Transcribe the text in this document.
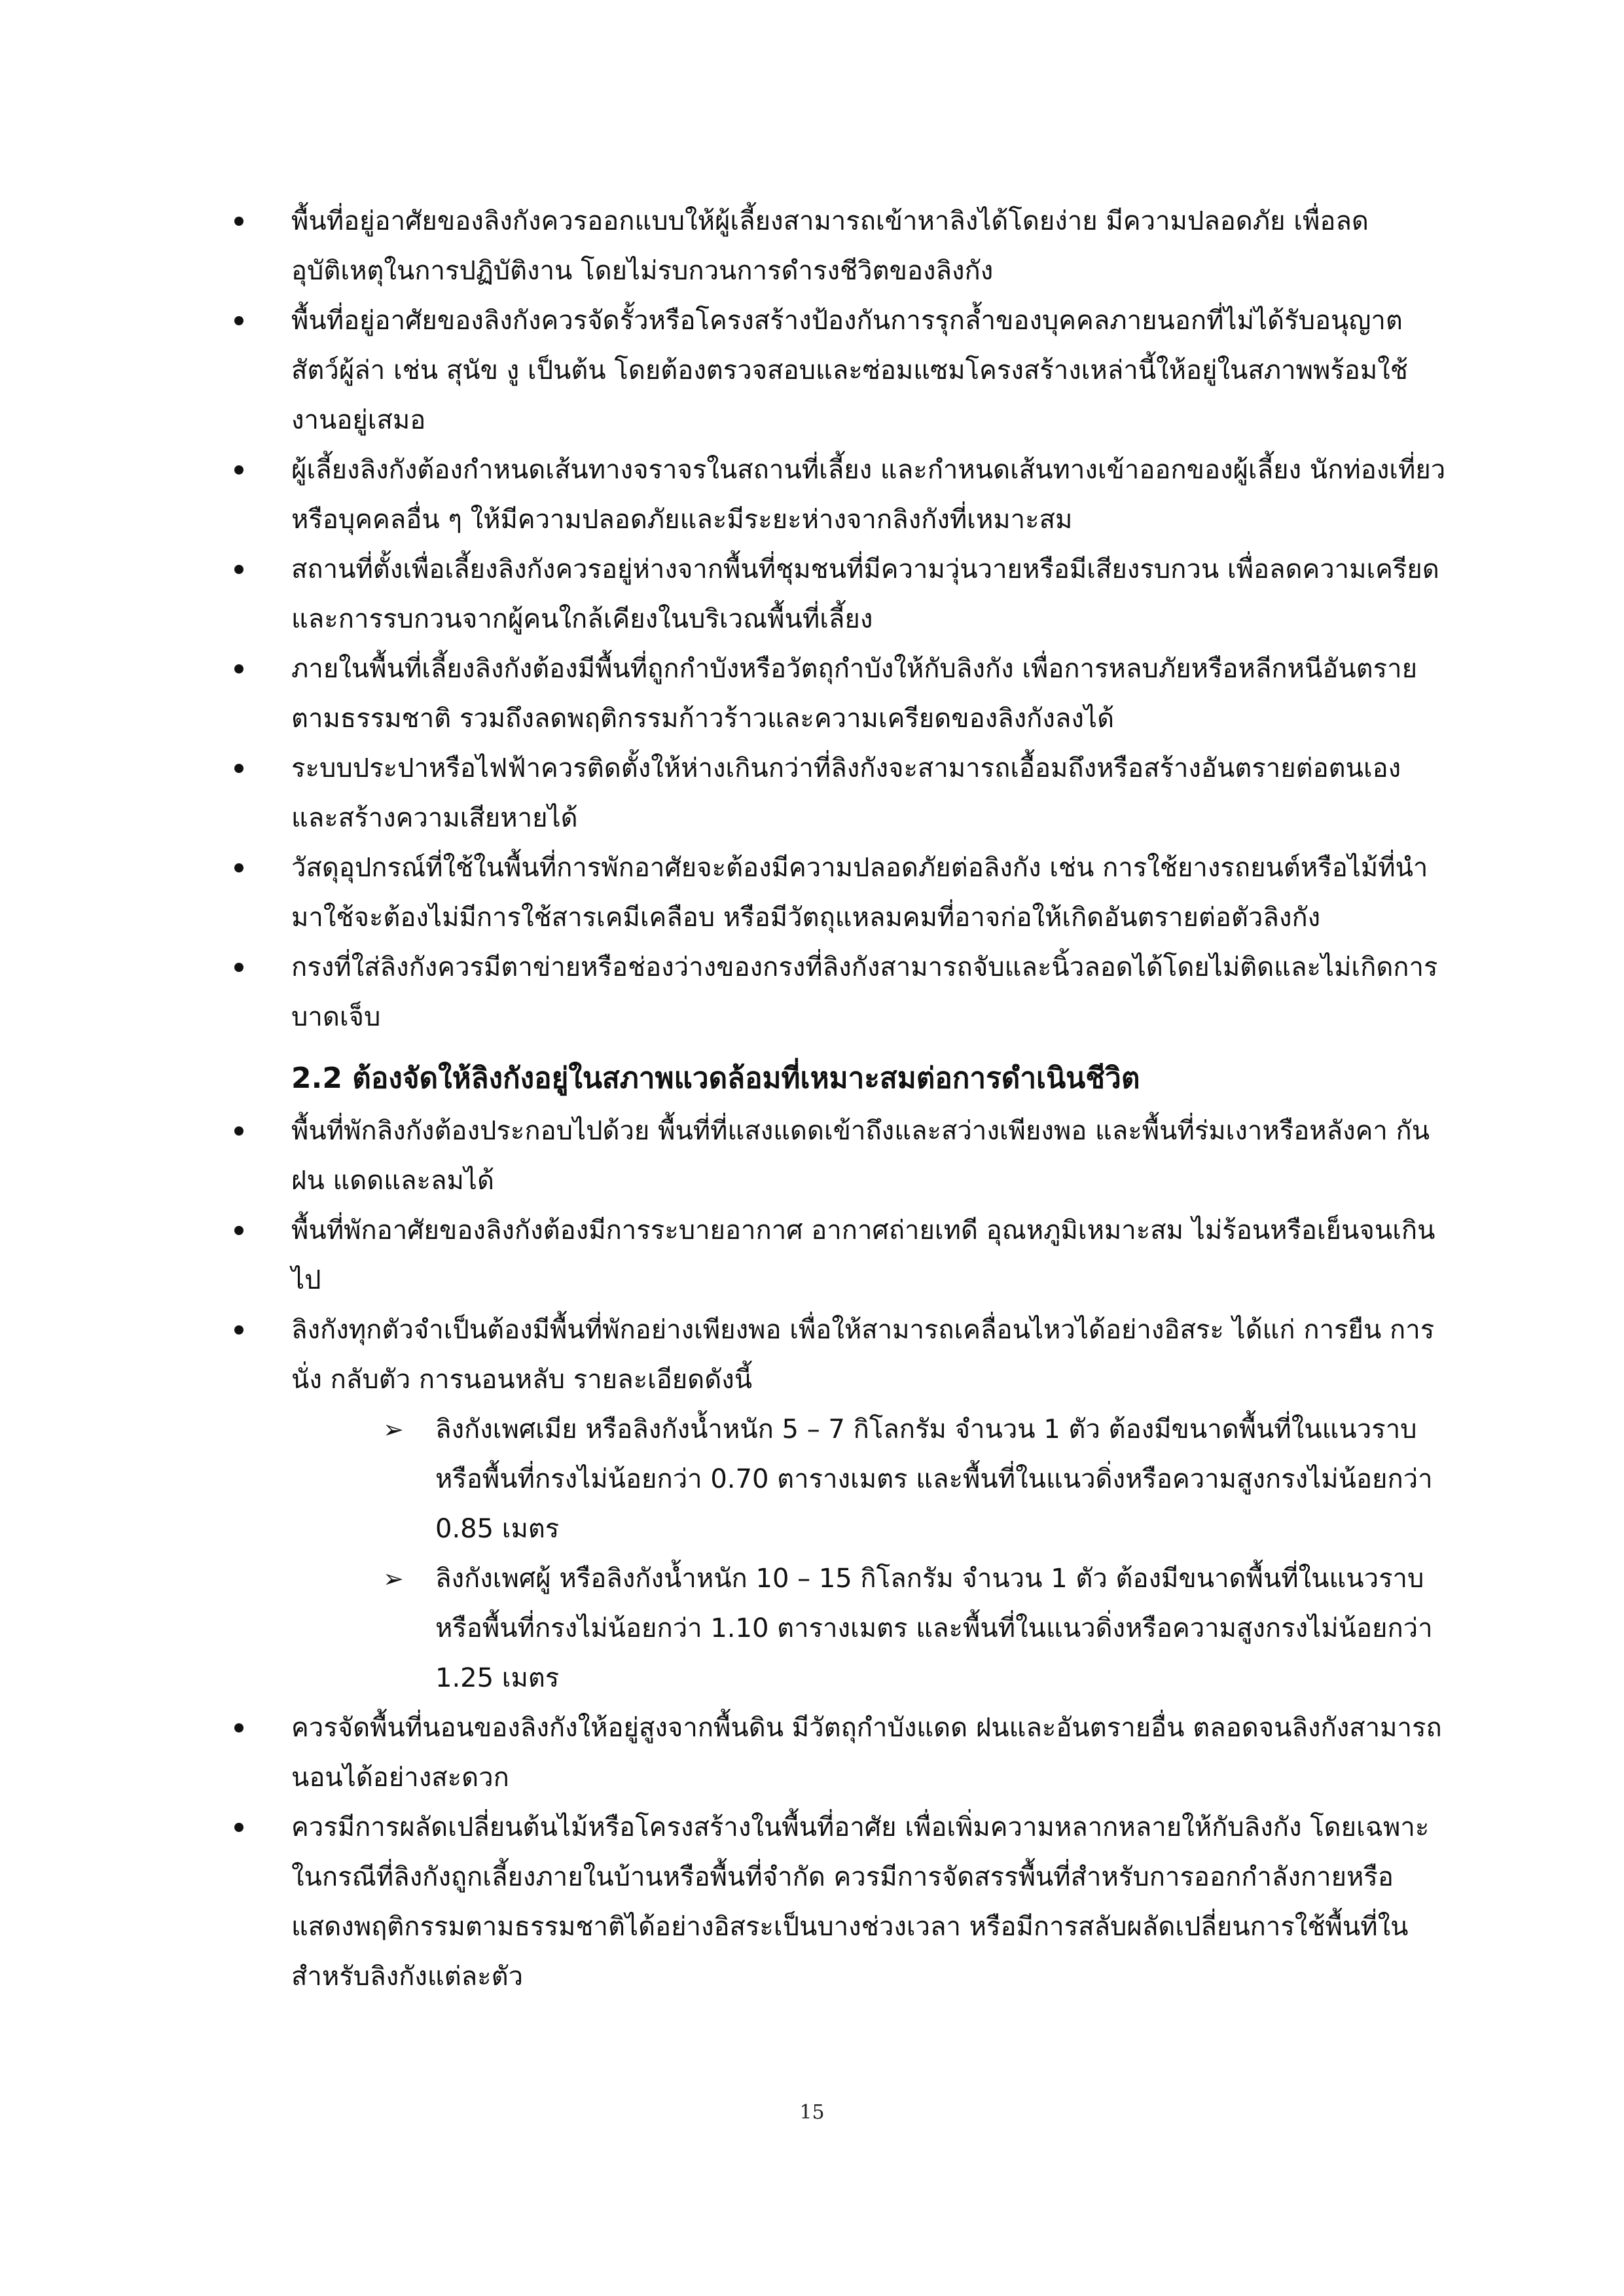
พื้นที่อยู่อาศัยของลิงกังควรออกแบบให้ผู้เลี้ยงสามารถเข้าหาลิงได้โดยง่าย มีความปลอดภัย เพื่อลดอุบัติเหตุในการปฏิบัติงาน โดยไม่รบกวนการดำรงชีวิตของลิงกัง
พื้นที่อยู่อาศัยของลิงกังควรจัดรั้วหรือโครงสร้างป้องกันการรุกล้ำของบุคคลภายนอกที่ไม่ได้รับอนุญาต สัตว์ผู้ล่า เช่น สุนัข งู เป็นต้น โดยต้องตรวจสอบและซ่อมแซมโครงสร้างเหล่านี้ให้อยู่ในสภาพพร้อมใช้งานอยู่เสมอ
ผู้เลี้ยงลิงกังต้องกำหนดเส้นทางจราจรในสถานที่เลี้ยง และกำหนดเส้นทางเข้าออกของผู้เลี้ยง นักท่องเที่ยว หรือบุคคลอื่น ๆ ให้มีความปลอดภัยและมีระยะห่างจากลิงกังที่เหมาะสม
สถานที่ตั้งเพื่อเลี้ยงลิงกังควรอยู่ห่างจากพื้นที่ชุมชนที่มีความวุ่นวายหรือมีเสียงรบกวน เพื่อลดความเครียดและการรบกวนจากผู้คนใกล้เคียงในบริเวณพื้นที่เลี้ยง
ภายในพื้นที่เลี้ยงลิงกังต้องมีพื้นที่ถูกกำบังหรือวัตถุกำบังให้กับลิงกัง เพื่อการหลบภัยหรือหลีกหนีอันตรายตามธรรมชาติ รวมถึงลดพฤติกรรมก้าวร้าวและความเครียดของลิงกังลงได้
ระบบประปาหรือไฟฟ้าควรติดตั้งให้ห่างเกินกว่าที่ลิงกังจะสามารถเอื้อมถึงหรือสร้างอันตรายต่อตนเองและสร้างความเสียหายได้
วัสดุอุปกรณ์ที่ใช้ในพื้นที่การพักอาศัยจะต้องมีความปลอดภัยต่อลิงกัง เช่น การใช้ยางรถยนต์หรือไม้ที่นำมาใช้จะต้องไม่มีการใช้สารเคมีเคลือบ หรือมีวัตถุแหลมคมที่อาจก่อให้เกิดอันตรายต่อตัวลิงกัง
กรงที่ใส่ลิงกังควรมีตาข่ายหรือช่องว่างของกรงที่ลิงกังสามารถจับและนิ้วลอดได้โดยไม่ติดและไม่เกิดการบาดเจ็บ
2.2 ต้องจัดให้ลิงกังอยู่ในสภาพแวดล้อมที่เหมาะสมต่อการดำเนินชีวิต
พื้นที่พักลิงกังต้องประกอบไปด้วย พื้นที่ที่แสงแดดเข้าถึงและสว่างเพียงพอ และพื้นที่ร่มเงาหรือหลังคา กันฝน แดดและลมได้
พื้นที่พักอาศัยของลิงกังต้องมีการระบายอากาศ อากาศถ่ายเทดี อุณหภูมิเหมาะสม ไม่ร้อนหรือเย็นจนเกินไป
ลิงกังทุกตัวจำเป็นต้องมีพื้นที่พักอย่างเพียงพอ เพื่อให้สามารถเคลื่อนไหวได้อย่างอิสระ ได้แก่ การยืน การนั่ง กลับตัว การนอนหลับ รายละเอียดดังนี้
➢ ลิงกังเพศเมีย หรือลิงกังน้ำหนัก 5 – 7 กิโลกรัม จำนวน 1 ตัว ต้องมีขนาดพื้นที่ในแนวราบหรือพื้นที่กรงไม่น้อยกว่า 0.70 ตารางเมตร และพื้นที่ในแนวดิ่งหรือความสูงกรงไม่น้อยกว่า 0.85 เมตร
➢ ลิงกังเพศผู้ หรือลิงกังน้ำหนัก 10 – 15 กิโลกรัม จำนวน 1 ตัว ต้องมีขนาดพื้นที่ในแนวราบหรือพื้นที่กรงไม่น้อยกว่า 1.10 ตารางเมตร และพื้นที่ในแนวดิ่งหรือความสูงกรงไม่น้อยกว่า 1.25 เมตร
ควรจัดพื้นที่นอนของลิงกังให้อยู่สูงจากพื้นดิน มีวัตถุกำบังแดด ฝนและอันตรายอื่น ตลอดจนลิงกังสามารถนอนได้อย่างสะดวก
ควรมีการผลัดเปลี่ยนต้นไม้หรือโครงสร้างในพื้นที่อาศัย เพื่อเพิ่มความหลากหลายให้กับลิงกัง โดยเฉพาะในกรณีที่ลิงกังถูกเลี้ยงภายในบ้านหรือพื้นที่จำกัด ควรมีการจัดสรรพื้นที่สำหรับการออกกำลังกายหรือแสดงพฤติกรรมตามธรรมชาติได้อย่างอิสระเป็นบางช่วงเวลา หรือมีการสลับผลัดเปลี่ยนการใช้พื้นที่ในสำหรับลิงกังแต่ละตัว
15
